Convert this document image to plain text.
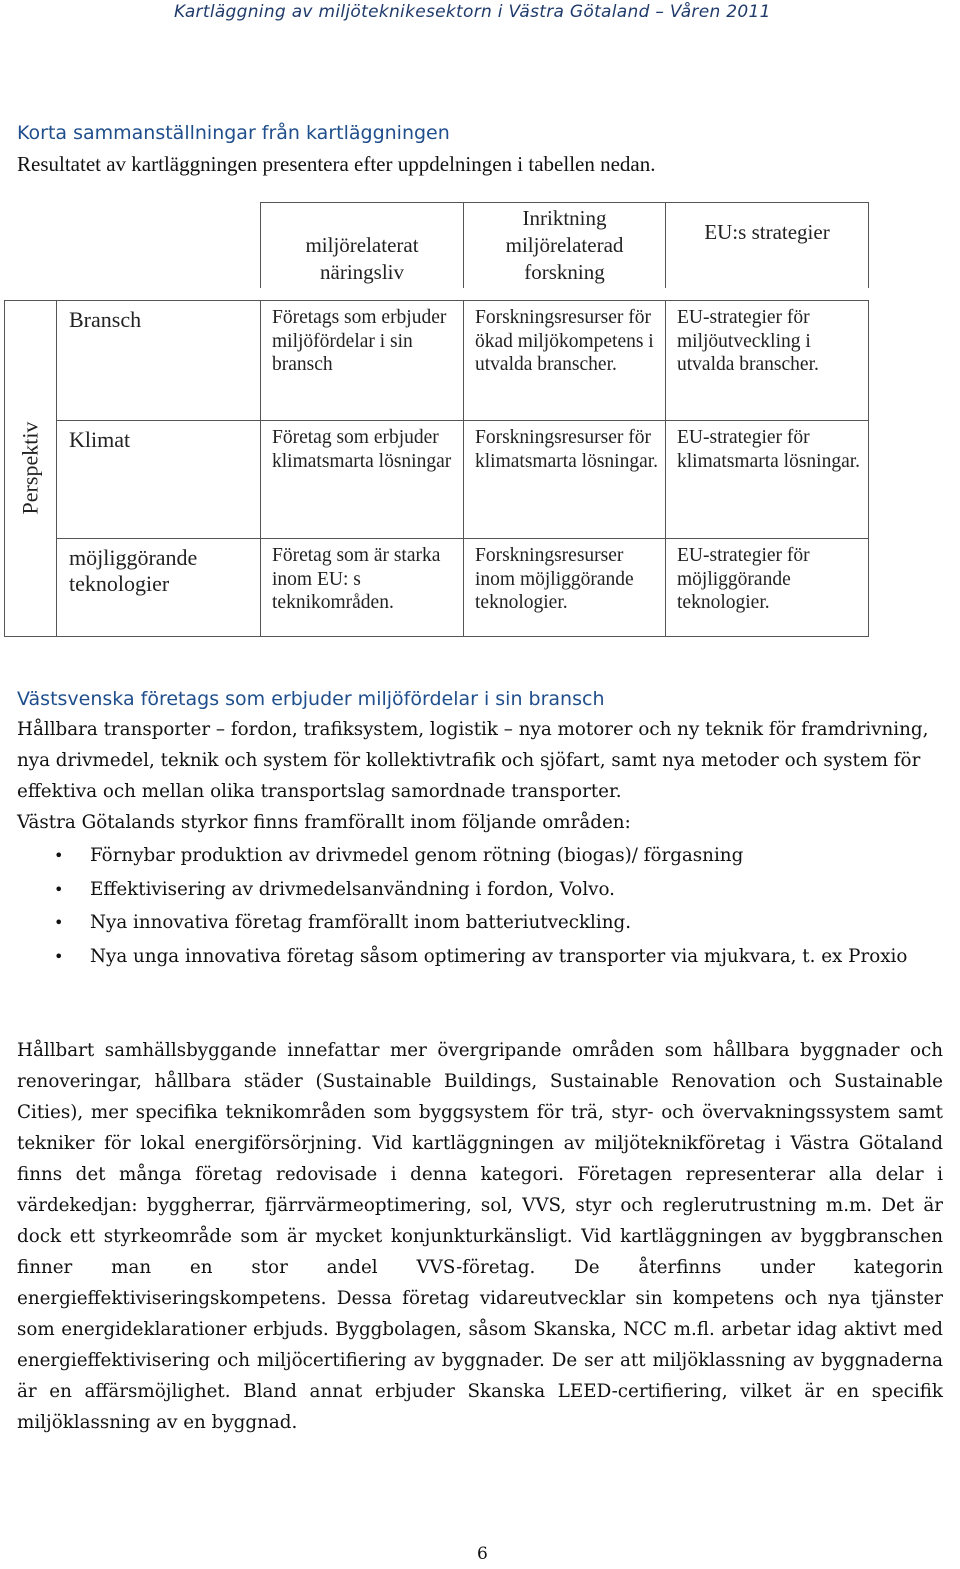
Kartläggning av miljöteknikesektorn i Västra Götaland – Våren 2011
Korta sammanställningar från kartläggningen
Resultatet av kartläggningen presentera efter uppdelningen i tabellen nedan.
miljörelaterat näringsliv
Inriktning
miljörelaterad forskning
EU:s strategier
Perspektiv
Bransch	Företags som erbjuder miljöfördelar i sin bransch
Forskningsresurser för ökad miljökompetens i utvalda branscher.
EU-strategier för miljöutveckling i utvalda branscher.
Klimat	Företag som erbjuder klimatsmarta lösningar
Forskningsresurser för klimatsmarta lösningar.
EU-strategier för klimatsmarta lösningar.
möjliggörande teknologier
Företag som är starka inom EU: s teknikområden.
Forskningsresurser inom möjliggörande teknologier.
EU-strategier för möjliggörande teknologier.
Västsvenska företags som erbjuder miljöfördelar i sin bransch
Hållbara transporter – fordon, trafiksystem, logistik – nya motorer och ny teknik för framdrivning, nya drivmedel, teknik och system för kollektivtrafik och sjöfart, samt nya metoder och system för effektiva och mellan olika transportslag samordnade transporter.
Västra Götalands styrkor finns framförallt inom följande områden:
• Förnybar produktion av drivmedel genom rötning (biogas)/ förgasning
• Effektivisering av drivmedelsanvändning i fordon, Volvo.
• Nya innovativa företag framförallt inom batteriutveckling.
• Nya unga innovativa företag såsom optimering av transporter via mjukvara, t. ex Proxio
Hållbart samhällsbyggande innefattar mer övergripande områden som hållbara byggnader och renoveringar, hållbara städer (Sustainable Buildings, Sustainable Renovation och Sustainable Cities), mer specifika teknikområden som byggsystem för trä, styr- och övervakningssystem samt tekniker för lokal energiförsörjning. Vid kartläggningen av miljöteknikföretag i Västra Götaland finns det många företag redovisade i denna kategori. Företagen representerar alla delar i värdekedjan: byggherrar, fjärrvärmeoptimering, sol, VVS, styr och reglerutrustning m.m. Det är dock ett styrkeområde som är mycket konjunkturkänsligt. Vid kartläggningen av byggbranschen finner man en stor andel VVS-företag. De återfinns under kategorin energieffektiviseringskompetens. Dessa företag vidareutvecklar sin kompetens och nya tjänster som energideklarationer erbjuds. Byggbolagen, såsom Skanska, NCC m.fl. arbetar idag aktivt med energieffektivisering och miljöcertifiering av byggnader. De ser att miljöklassning av byggnaderna är en affärsmöjlighet. Bland annat erbjuder Skanska LEED-certifiering, vilket är en specifik miljöklassning av en byggnad.
6
